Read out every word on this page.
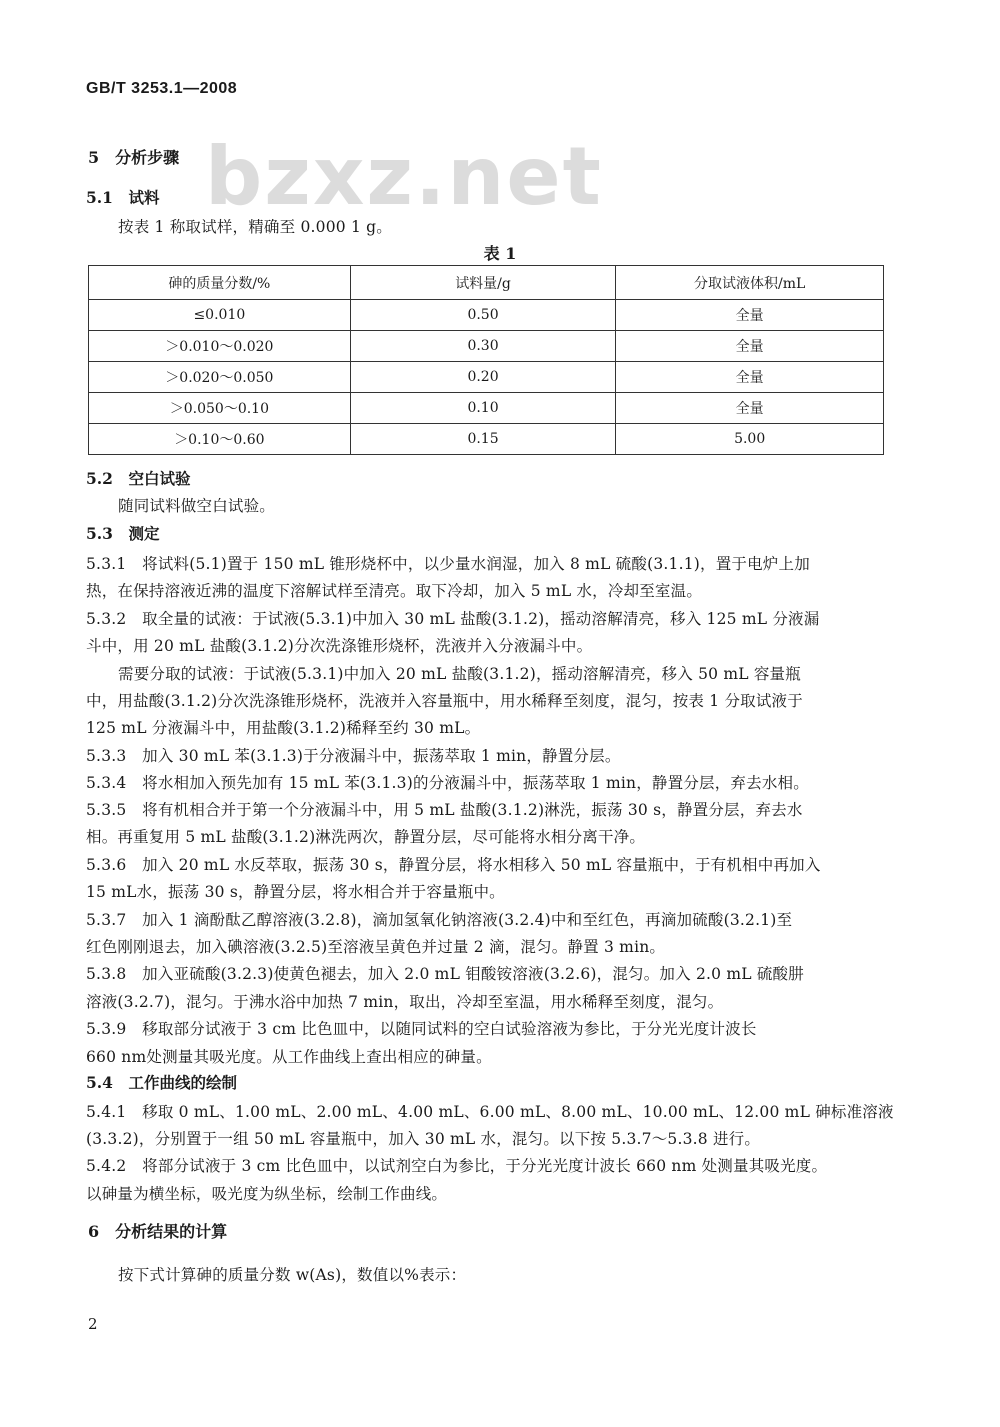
GB/T 3253.1—2008
bzxz.net
5　分析步骤
5.1　试料
按表 1 称取试样，精确至 0.000 1 g。
表 1
砷的质量分数/%	试料量/g	分取试液体积/mL
≤0.010	0.50	全量
＞0.010～0.020	0.30	全量
＞0.020～0.050	0.20	全量
＞0.050～0.10	0.10	全量
＞0.10～0.60	0.15	5.00
5.2　空白试验
随同试料做空白试验。
5.3　测定
5.3.1　将试料(5.1)置于 150 mL 锥形烧杯中，以少量水润湿，加入 8 mL 硫酸(3.1.1)，置于电炉上加
热，在保持溶液近沸的温度下溶解试样至清亮。取下冷却，加入 5 mL 水，冷却至室温。
5.3.2　取全量的试液：于试液(5.3.1)中加入 30 mL 盐酸(3.1.2)，摇动溶解清亮，移入 125 mL 分液漏
斗中，用 20 mL 盐酸(3.1.2)分次洗涤锥形烧杯，洗液并入分液漏斗中。
需要分取的试液：于试液(5.3.1)中加入 20 mL 盐酸(3.1.2)，摇动溶解清亮，移入 50 mL 容量瓶
中，用盐酸(3.1.2)分次洗涤锥形烧杯，洗液并入容量瓶中，用水稀释至刻度，混匀，按表 1 分取试液于
125 mL 分液漏斗中，用盐酸(3.1.2)稀释至约 30 mL。
5.3.3　加入 30 mL 苯(3.1.3)于分液漏斗中，振荡萃取 1 min，静置分层。
5.3.4　将水相加入预先加有 15 mL 苯(3.1.3)的分液漏斗中，振荡萃取 1 min，静置分层，弃去水相。
5.3.5　将有机相合并于第一个分液漏斗中，用 5 mL 盐酸(3.1.2)淋洗，振荡 30 s，静置分层，弃去水
相。再重复用 5 mL 盐酸(3.1.2)淋洗两次，静置分层，尽可能将水相分离干净。
5.3.6　加入 20 mL 水反萃取，振荡 30 s，静置分层，将水相移入 50 mL 容量瓶中，于有机相中再加入
15 mL水，振荡 30 s，静置分层，将水相合并于容量瓶中。
5.3.7　加入 1 滴酚酞乙醇溶液(3.2.8)，滴加氢氧化钠溶液(3.2.4)中和至红色，再滴加硫酸(3.2.1)至
红色刚刚退去，加入碘溶液(3.2.5)至溶液呈黄色并过量 2 滴，混匀。静置 3 min。
5.3.8　加入亚硫酸(3.2.3)使黄色褪去，加入 2.0 mL 钼酸铵溶液(3.2.6)，混匀。加入 2.0 mL 硫酸肼
溶液(3.2.7)，混匀。于沸水浴中加热 7 min，取出，冷却至室温，用水稀释至刻度，混匀。
5.3.9　移取部分试液于 3 cm 比色皿中，以随同试料的空白试验溶液为参比，于分光光度计波长
660 nm处测量其吸光度。从工作曲线上查出相应的砷量。
5.4　工作曲线的绘制
5.4.1　移取 0 mL、1.00 mL、2.00 mL、4.00 mL、6.00 mL、8.00 mL、10.00 mL、12.00 mL 砷标准溶液
(3.3.2)，分别置于一组 50 mL 容量瓶中，加入 30 mL 水，混匀。以下按 5.3.7～5.3.8 进行。
5.4.2　将部分试液于 3 cm 比色皿中，以试剂空白为参比，于分光光度计波长 660 nm 处测量其吸光度。
以砷量为横坐标，吸光度为纵坐标，绘制工作曲线。
6　分析结果的计算
按下式计算砷的质量分数 w(As)，数值以%表示：
2
